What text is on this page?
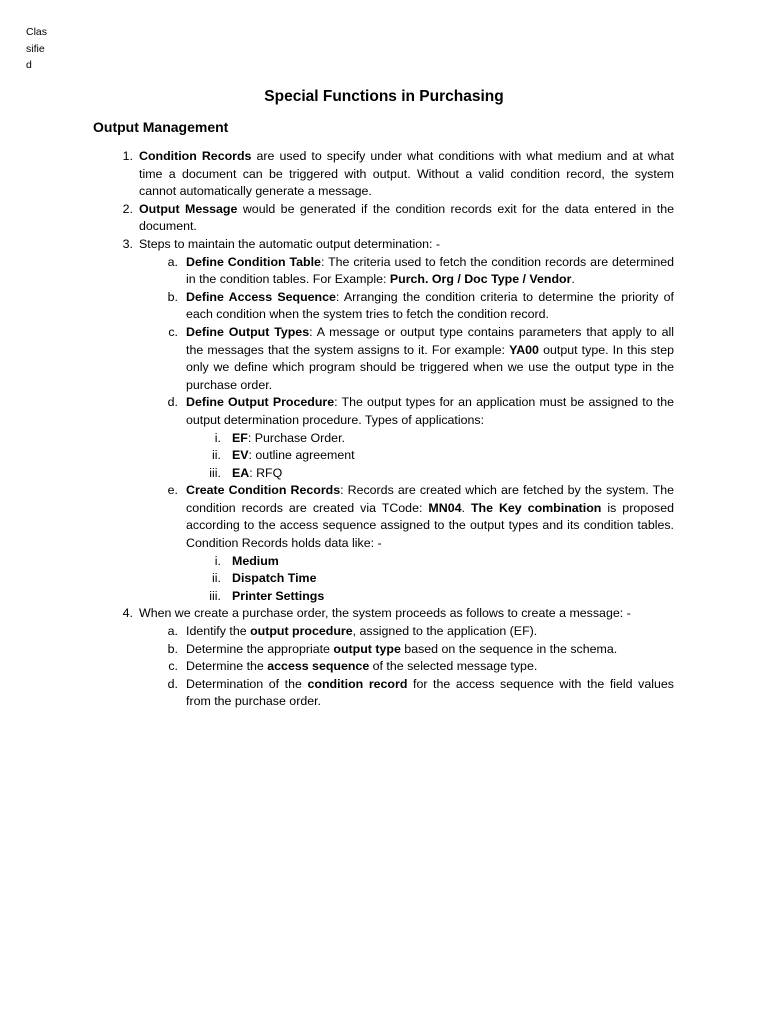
Classified
Special Functions in Purchasing
Output Management
1. Condition Records are used to specify under what conditions with what medium and at what time a document can be triggered with output. Without a valid condition record, the system cannot automatically generate a message.
2. Output Message would be generated if the condition records exit for the data entered in the document.
3. Steps to maintain the automatic output determination: -
a. Define Condition Table: The criteria used to fetch the condition records are determined in the condition tables. For Example: Purch. Org / Doc Type / Vendor.
b. Define Access Sequence: Arranging the condition criteria to determine the priority of each condition when the system tries to fetch the condition record.
c. Define Output Types: A message or output type contains parameters that apply to all the messages that the system assigns to it. For example: YA00 output type. In this step only we define which program should be triggered when we use the output type in the purchase order.
d. Define Output Procedure: The output types for an application must be assigned to the output determination procedure. Types of applications:
i. EF: Purchase Order.
ii. EV: outline agreement
iii. EA: RFQ
e. Create Condition Records: Records are created which are fetched by the system. The condition records are created via TCode: MN04. The Key combination is proposed according to the access sequence assigned to the output types and its condition tables. Condition Records holds data like: -
i. Medium
ii. Dispatch Time
iii. Printer Settings
4. When we create a purchase order, the system proceeds as follows to create a message: -
a. Identify the output procedure, assigned to the application (EF).
b. Determine the appropriate output type based on the sequence in the schema.
c. Determine the access sequence of the selected message type.
d. Determination of the condition record for the access sequence with the field values from the purchase order.
